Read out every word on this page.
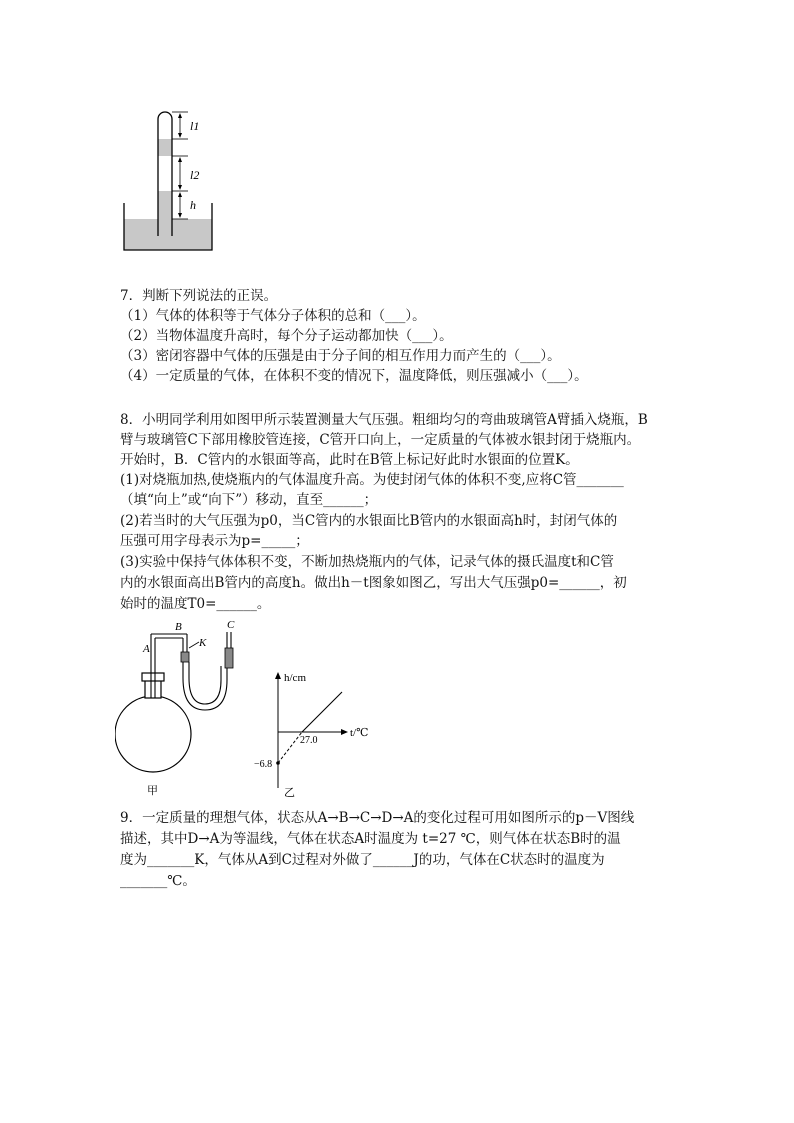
l1
l2
h
7．判断下列说法的正误。
（1）气体的体积等于气体分子体积的总和（___）。
（2）当物体温度升高时，每个分子运动都加快（___）。
（3）密闭容器中气体的压强是由于分子间的相互作用力而产生的（___）。
（4）一定质量的气体，在体积不变的情况下，温度降低，则压强减小（___）。
8．小明同学利用如图甲所示装置测量大气压强。粗细均匀的弯曲玻璃管A臂插入烧瓶，B
臂与玻璃管C下部用橡胶管连接，C管开口向上，一定质量的气体被水银封闭于烧瓶内。
开始时，B．C管内的水银面等高，此时在B管上标记好此时水银面的位置K。
(1)对烧瓶加热,使烧瓶内的气体温度升高。为使封闭气体的体积不变,应将C管_______
（填“向上”或“向下”）移动，直至______；
(2)若当时的大气压强为p0，当C管内的水银面比B管内的水银面高h时，封闭气体的
压强可用字母表示为p=_____；
(3)实验中保持气体体积不变，不断加热烧瓶内的气体，记录气体的摄氏温度t和C管
内的水银面高出B管内的高度h。做出h－t图象如图乙，写出大气压强p0=______，初
始时的温度T0=______。
A
B
K
C
甲
h/cm
t/℃
27.0
−6.8
乙
9．一定质量的理想气体，状态从A→B→C→D→A的变化过程可用如图所示的p－V图线
描述，其中D→A为等温线，气体在状态A时温度为 t=27 ℃，则气体在状态B时的温
度为_______K，气体从A到C过程对外做了______J的功，气体在C状态时的温度为
_______℃。
